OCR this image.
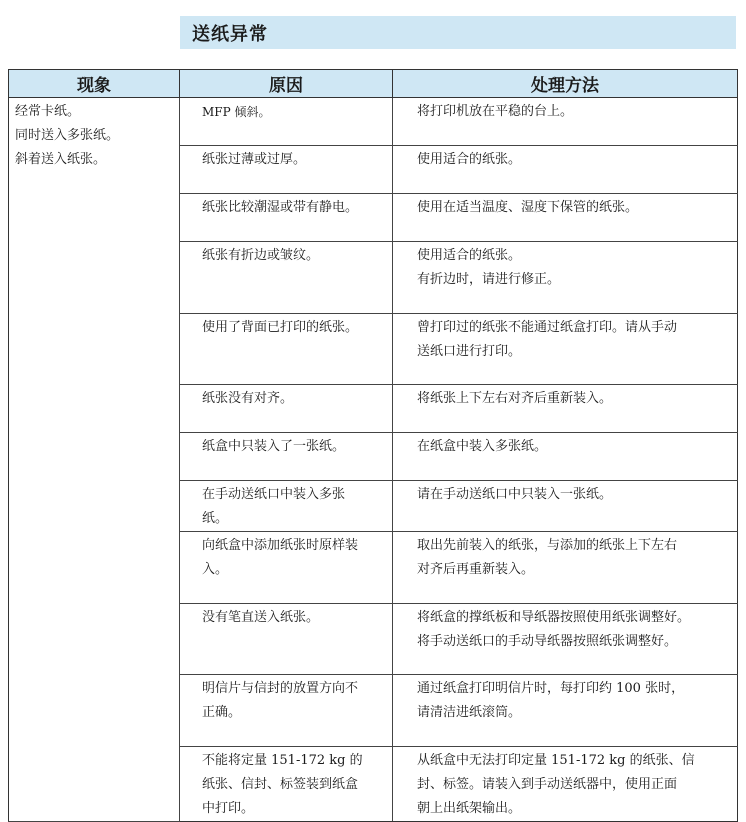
送纸异常
现象	原因	处理方法

经常卡纸。
同时送入多张纸。
斜着送入纸张。	MFP 倾斜。	将打印机放在平稳的台上。

	纸张过薄或过厚。	使用适合的纸张。

	纸张比较潮湿或带有静电。	使用在适当温度、湿度下保管的纸张。

	纸张有折边或皱纹。	使用适合的纸张。
有折边时，请进行修正。

	使用了背面已打印的纸张。	曾打印过的纸张不能通过纸盒打印。请从手动
送纸口进行打印。

	纸张没有对齐。	将纸张上下左右对齐后重新装入。

	纸盒中只装入了一张纸。	在纸盒中装入多张纸。

	在手动送纸口中装入多张
纸。	请在手动送纸口中只装入一张纸。

	向纸盒中添加纸张时原样装
入。	取出先前装入的纸张，与添加的纸张上下左右
对齐后再重新装入。

	没有笔直送入纸张。	将纸盒的撑纸板和导纸器按照使用纸张调整好。
将手动送纸口的手动导纸器按照纸张调整好。

	明信片与信封的放置方向不
正确。	通过纸盒打印明信片时，每打印约 100 张时，
请清洁进纸滚筒。

	不能将定量 151-172 kg 的
纸张、信封、标签装到纸盒
中打印。	从纸盒中无法打印定量 151-172 kg 的纸张、信
封、标签。请装入到手动送纸器中，使用正面
朝上出纸架输出。
